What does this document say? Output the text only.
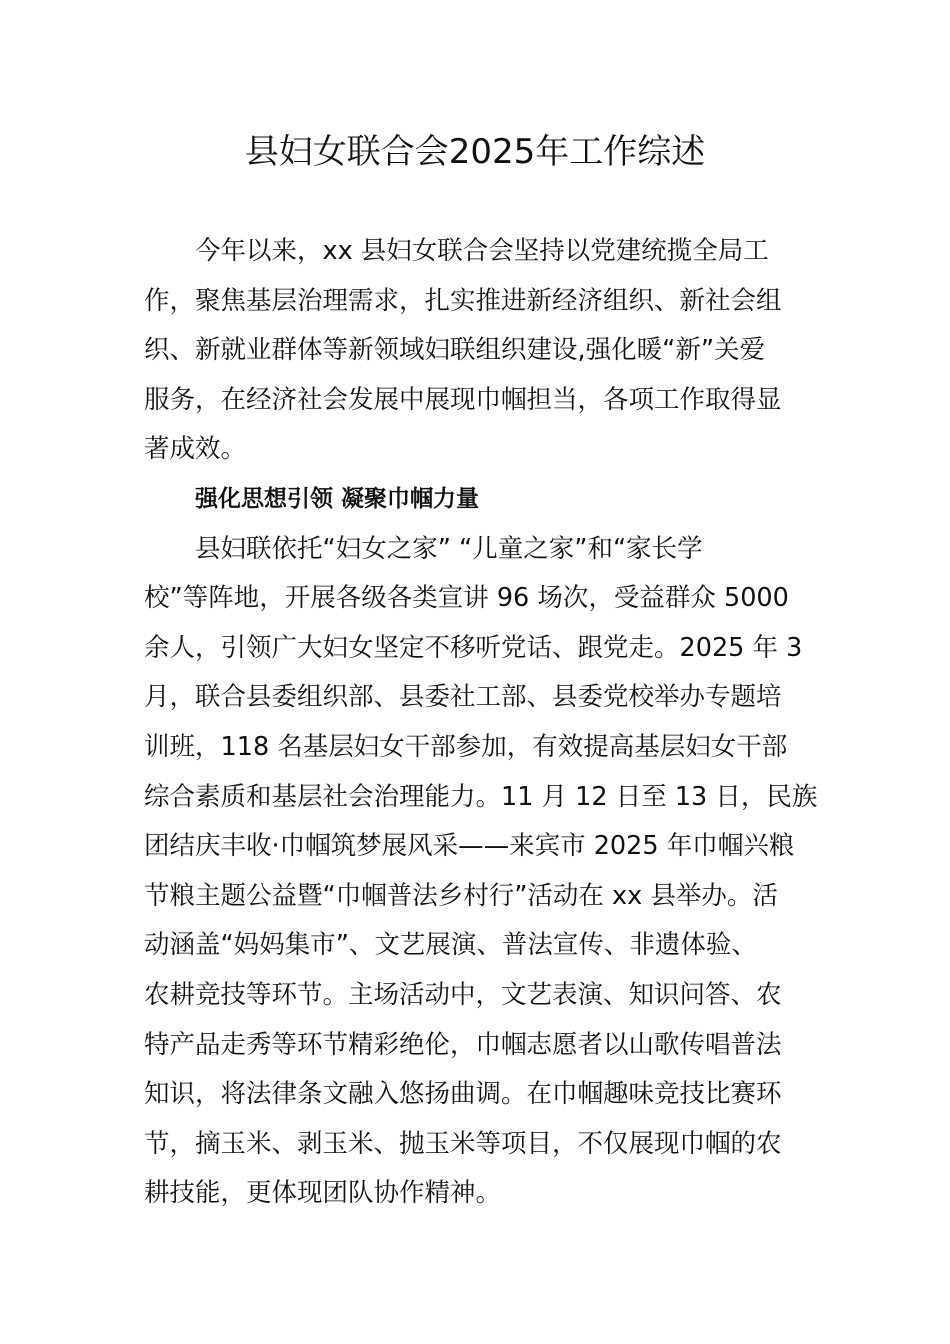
县妇女联合会2025年工作综述
今年以来，xx 县妇女联合会坚持以党建统揽全局工
作，聚焦基层治理需求，扎实推进新经济组织、新社会组
织、新就业群体等新领域妇联组织建设,强化暖“新”关爱
服务，在经济社会发展中展现巾帼担当，各项工作取得显
著成效。
强化思想引领 凝聚巾帼力量
县妇联依托“妇女之家” “儿童之家”和“家长学
校”等阵地，开展各级各类宣讲 96 场次，受益群众 5000
余人，引领广大妇女坚定不移听党话、跟党走。2025 年 3
月，联合县委组织部、县委社工部、县委党校举办专题培
训班，118 名基层妇女干部参加，有效提高基层妇女干部
综合素质和基层社会治理能力。11 月 12 日至 13 日，民族
团结庆丰收·巾帼筑梦展风采——来宾市 2025 年巾帼兴粮
节粮主题公益暨“巾帼普法乡村行”活动在 xx 县举办。活
动涵盖“妈妈集市”、文艺展演、普法宣传、非遗体验、
农耕竞技等环节。主场活动中，文艺表演、知识问答、农
特产品走秀等环节精彩绝伦，巾帼志愿者以山歌传唱普法
知识，将法律条文融入悠扬曲调。在巾帼趣味竞技比赛环
节，摘玉米、剥玉米、抛玉米等项目，不仅展现巾帼的农
耕技能，更体现团队协作精神。
